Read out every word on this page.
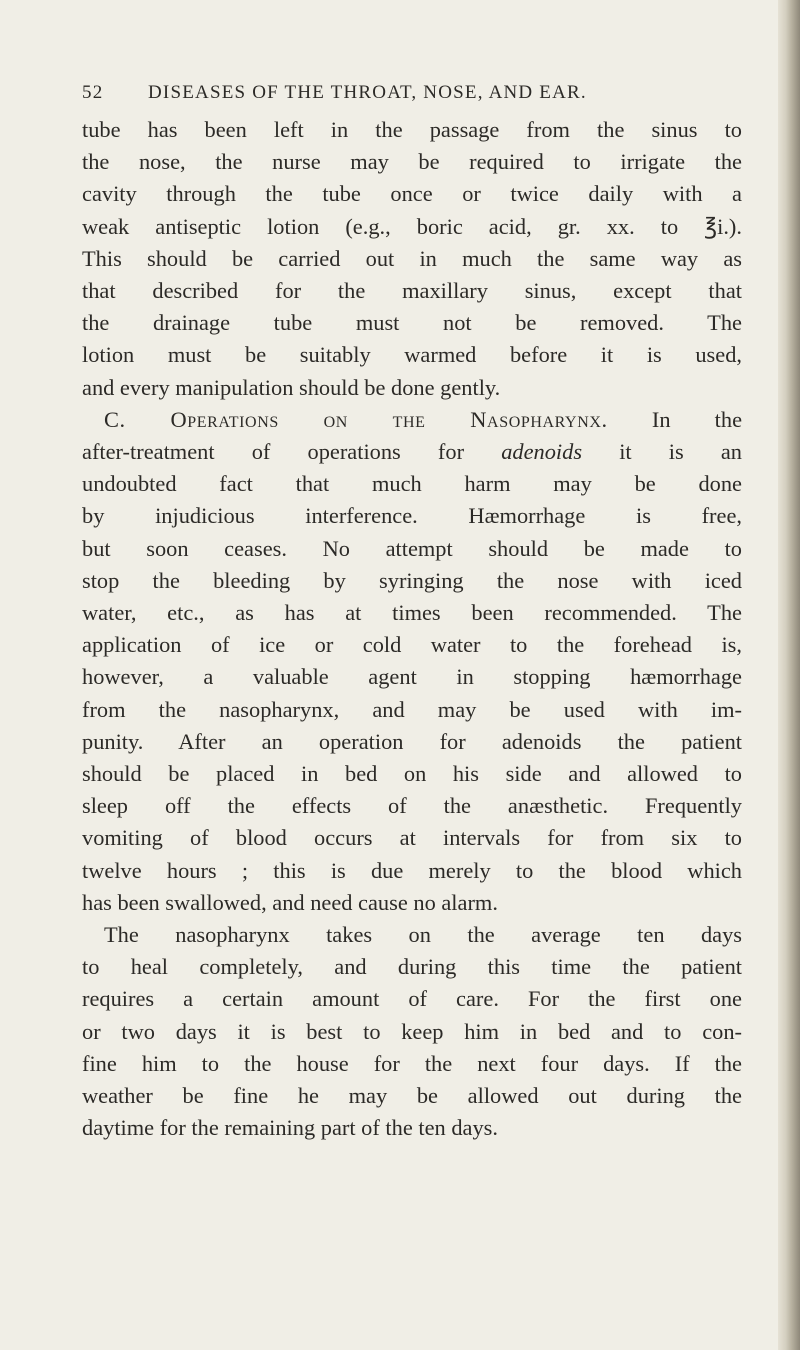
52 DISEASES OF THE THROAT, NOSE, AND EAR.
tube has been left in the passage from the sinus to
the nose, the nurse may be required to irrigate the
cavity through the tube once or twice daily with a
weak antiseptic lotion (e.g., boric acid, gr. xx. to ℥i.).
This should be carried out in much the same way as
that described for the maxillary sinus, except that
the drainage tube must not be removed. The
lotion must be suitably warmed before it is used,
and every manipulation should be done gently.
C. Operations on the Nasopharynx. In the
after-treatment of operations for adenoids it is an
undoubted fact that much harm may be done
by injudicious interference. Hæmorrhage is free,
but soon ceases. No attempt should be made to
stop the bleeding by syringing the nose with iced
water, etc., as has at times been recommended. The
application of ice or cold water to the forehead is,
however, a valuable agent in stopping hæmorrhage
from the nasopharynx, and may be used with im-
punity. After an operation for adenoids the patient
should be placed in bed on his side and allowed to
sleep off the effects of the anæsthetic. Frequently
vomiting of blood occurs at intervals for from six to
twelve hours ; this is due merely to the blood which
has been swallowed, and need cause no alarm.
The nasopharynx takes on the average ten days
to heal completely, and during this time the patient
requires a certain amount of care. For the first one
or two days it is best to keep him in bed and to con-
fine him to the house for the next four days. If the
weather be fine he may be allowed out during the
daytime for the remaining part of the ten days.
